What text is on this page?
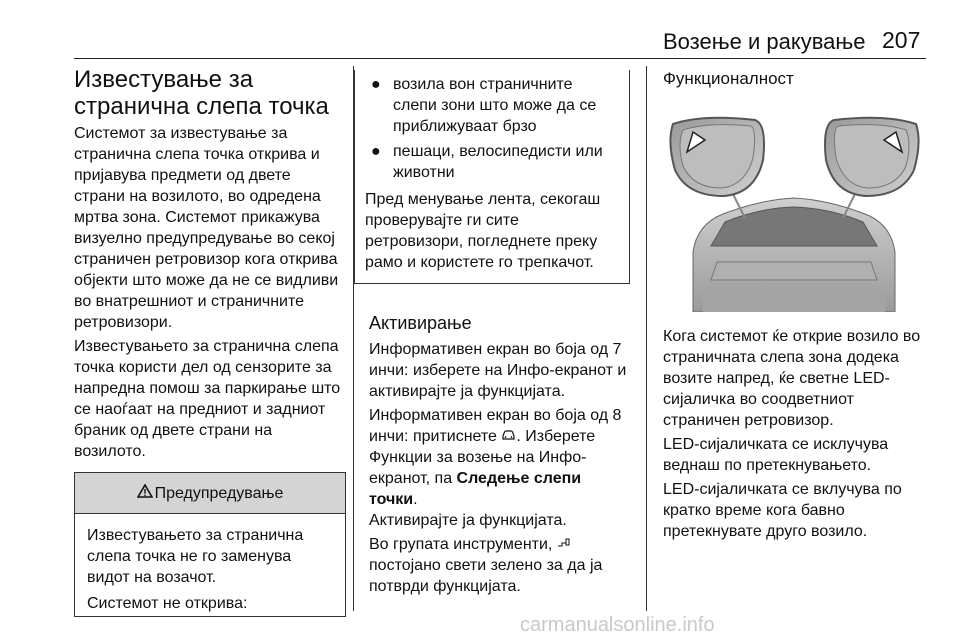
Возење и ракување 207
Известување за
странична слепа точка

Системот за известување за
странична слепа точка открива и
пријавува предмети од двете
страни на возилото, во одредена
мртва зона. Системот прикажува
визуелно предупредување во секој
страничен ретровизор кога открива
објекти што може да не се видливи
во внатрешниот и страничните
ретровизори.

Известувањето за странична слепа
точка користи дел од сензорите за
напредна помош за паркирање што
се наоѓаат на предниот и задниот
браник од двете страни на
возилото.

Предупредување

Известувањето за странична
слепа точка не го заменува
видот на возачот.

Системот не открива:

● возила вон страничните
слепи зони што може да се
приближуваат брзо
● пешаци, велосипедисти или
животни

Пред менување лента, секогаш
проверувајте ги сите
ретровизори, погледнете преку
рамо и користете го трепкачот.

Активирање

Информативен екран во боја од 7
инчи: изберете на Инфо-екранот и
активирајте ја функцијата.

Информативен екран во боја од 8
инчи: притиснете . Изберете
Функции за возење на Инфо-
екранот, па Следење слепи точки.
Активирајте ја функцијата.

Во групата инструменти,
постојано свети зелено за да ја
потврди функцијата.

Функционалност

Кога системот ќе открие возило во
страничната слепа зона додека
возите напред, ќе светне LED-
сијаличка во соодветниот
страничен ретровизор.

LED-сијаличката се исклучува
веднаш по претекнувањето.

LED-сијаличката се вклучува по
кратко време кога бавно
претекнувате друго возило.

carmanualsonline.info
